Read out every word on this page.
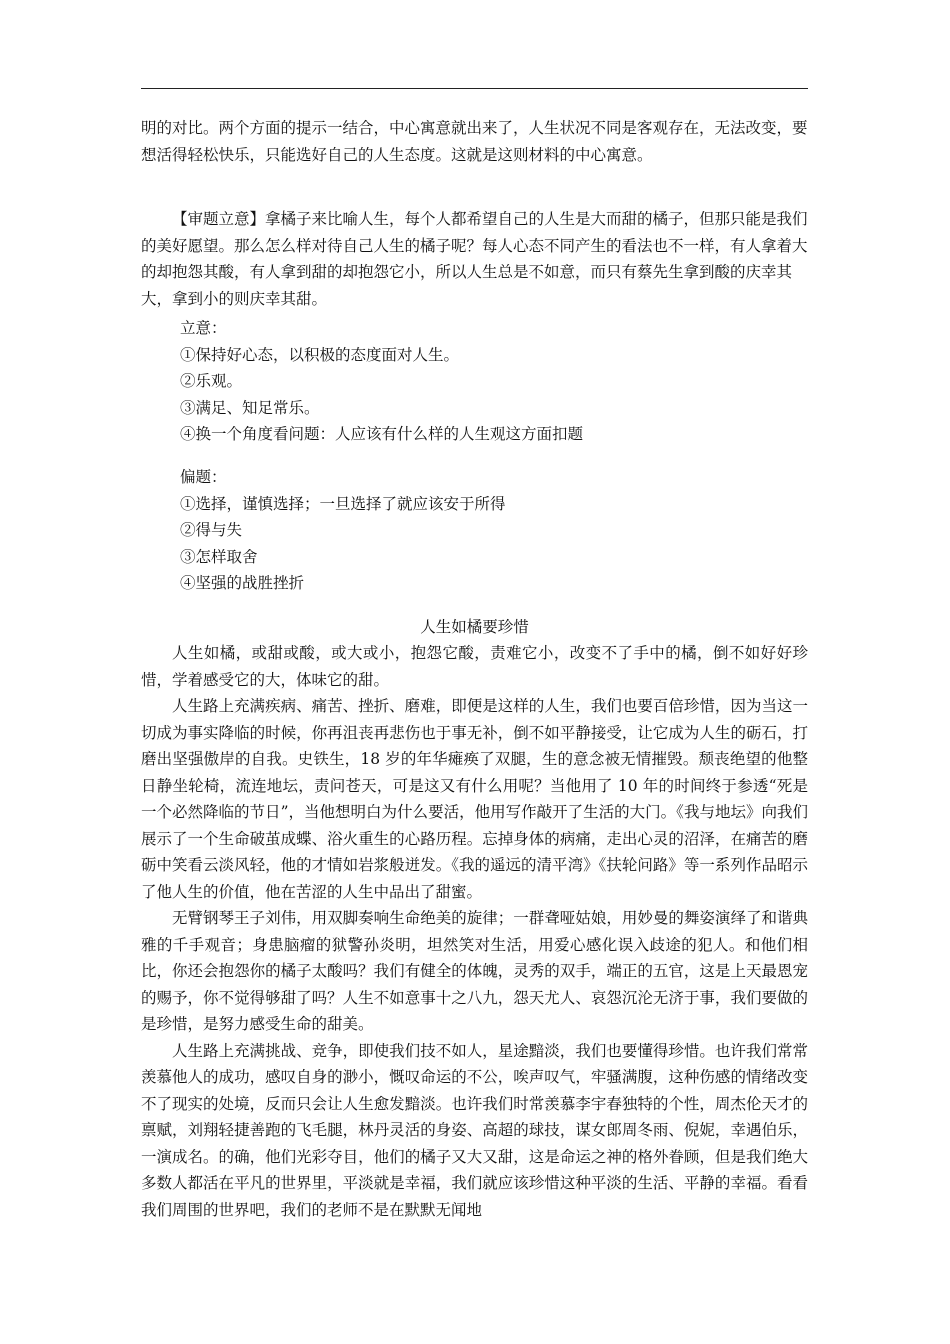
明的对比。两个方面的提示一结合，中心寓意就出来了，人生状况不同是客观存在，无法改变，要想活得轻松快乐，只能选好自己的人生态度。这就是这则材料的中心寓意。

【审题立意】拿橘子来比喻人生，每个人都希望自己的人生是大而甜的橘子，但那只能是我们的美好愿望。那么怎么样对待自己人生的橘子呢？每人心态不同产生的看法也不一样，有人拿着大的却抱怨其酸，有人拿到甜的却抱怨它小，所以人生总是不如意，而只有蔡先生拿到酸的庆幸其大，拿到小的则庆幸其甜。

立意：
①保持好心态，以积极的态度面对人生。
②乐观。
③满足、知足常乐。
④换一个角度看问题：人应该有什么样的人生观这方面扣题
偏题：
①选择，谨慎选择；一旦选择了就应该安于所得
②得与失
③怎样取舍
④坚强的战胜挫折
人生如橘要珍惜

人生如橘，或甜或酸，或大或小，抱怨它酸，责难它小，改变不了手中的橘，倒不如好好珍惜，学着感受它的大，体味它的甜。

人生路上充满疾病、痛苦、挫折、磨难，即便是这样的人生，我们也要百倍珍惜，因为当这一切成为事实降临的时候，你再沮丧再悲伤也于事无补，倒不如平静接受，让它成为人生的砺石，打磨出坚强傲岸的自我。史铁生，18 岁的年华瘫痪了双腿，生的意念被无情摧毁。颓丧绝望的他整日静坐轮椅，流连地坛，责问苍天，可是这又有什么用呢？当他用了 10 年的时间终于参透“死是一个必然降临的节日”，当他想明白为什么要活，他用写作敲开了生活的大门。《我与地坛》向我们展示了一个生命破茧成蝶、浴火重生的心路历程。忘掉身体的病痛，走出心灵的沼泽，在痛苦的磨砺中笑看云淡风轻，他的才情如岩浆般迸发。《我的遥远的清平湾》《扶轮问路》等一系列作品昭示了他人生的价值，他在苦涩的人生中品出了甜蜜。

无臂钢琴王子刘伟，用双脚奏响生命绝美的旋律；一群聋哑姑娘，用妙曼的舞姿演绎了和谐典雅的千手观音；身患脑瘤的狱警孙炎明，坦然笑对生活，用爱心感化误入歧途的犯人。和他们相比，你还会抱怨你的橘子太酸吗？我们有健全的体魄，灵秀的双手，端正的五官，这是上天最恩宠的赐予，你不觉得够甜了吗？人生不如意事十之八九，怨天尤人、哀怨沉沦无济于事，我们要做的是珍惜，是努力感受生命的甜美。

人生路上充满挑战、竞争，即使我们技不如人，星途黯淡，我们也要懂得珍惜。也许我们常常羡慕他人的成功，感叹自身的渺小，慨叹命运的不公，唉声叹气，牢骚满腹，这种伤感的情绪改变不了现实的处境，反而只会让人生愈发黯淡。也许我们时常羡慕李宇春独特的个性，周杰伦天才的禀赋，刘翔轻捷善跑的飞毛腿，林丹灵活的身姿、高超的球技，谋女郎周冬雨、倪妮，幸遇伯乐，一演成名。的确，他们光彩夺目，他们的橘子又大又甜，这是命运之神的格外眷顾，但是我们绝大多数人都活在平凡的世界里，平淡就是幸福，我们就应该珍惜这种平淡的生活、平静的幸福。看看我们周围的世界吧，我们的老师不是在默默无闻地
